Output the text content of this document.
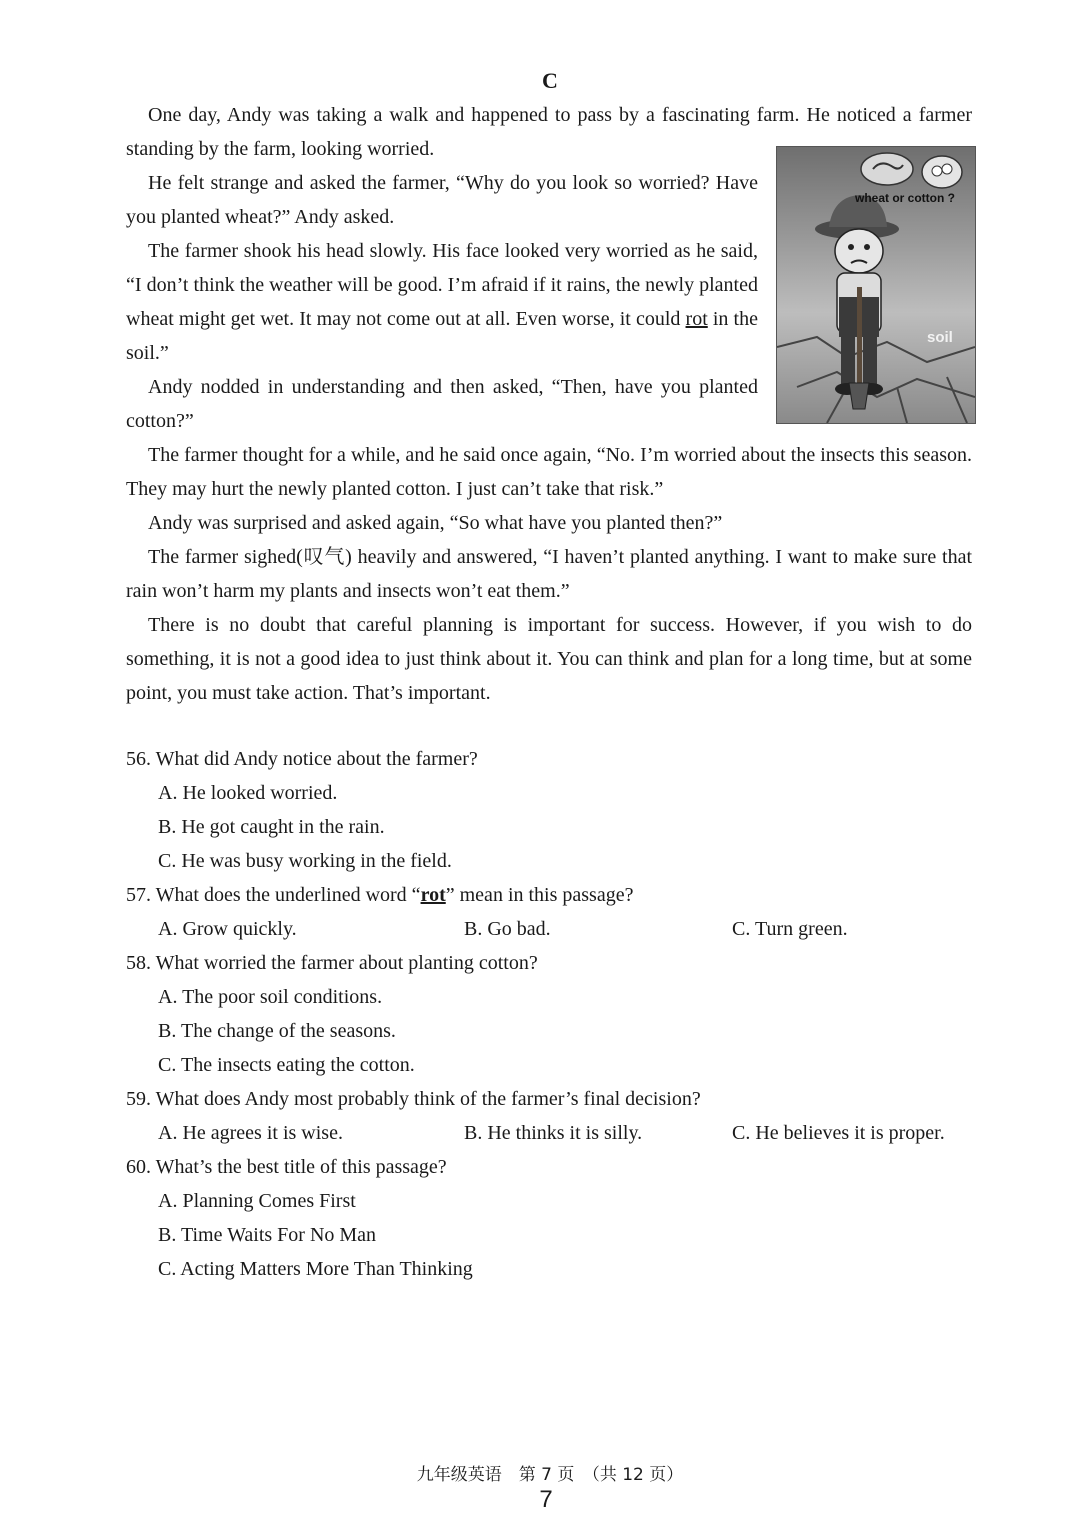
C

One day, Andy was taking a walk and happened to pass by a fascinating farm. He noticed a farmer standing by the farm, looking worried.

He felt strange and asked the farmer, “Why do you look so worried? Have you planted wheat?” Andy asked.

The farmer shook his head slowly. His face looked very worried as he said, “I don’t think the weather will be good. I’m afraid if it rains, the newly planted wheat might get wet. It may not come out at all. Even worse, it could rot in the soil.”

Andy nodded in understanding and then asked, “Then, have you planted cotton?”

The farmer thought for a while, and he said once again, “No. I’m worried about the insects this season. They may hurt the newly planted cotton. I just can’t take that risk.”

Andy was surprised and asked again, “So what have you planted then?”

The farmer sighed(叹气) heavily and answered, “I haven’t planted anything. I want to make sure that rain won’t harm my plants and insects won’t eat them.”

There is no doubt that careful planning is important for success. However, if you wish to do something, it is not a good idea to just think about it. You can think and plan for a long time, but at some point, you must take action. That’s important.

wheat or cotton ?
soil

56. What did Andy notice about the farmer?

A. He looked worried.

B. He got caught in the rain.

C. He was busy working in the field.

57. What does the underlined word “rot” mean in this passage?

A. Grow quickly.	B. Go bad.	C. Turn green.

58. What worried the farmer about planting cotton?

A. The poor soil conditions.

B. The change of the seasons.

C. The insects eating the cotton.

59. What does Andy most probably think of the farmer’s final decision?

A. He agrees it is wise.	B. He thinks it is silly.	C. He believes it is proper.

60. What’s the best title of this passage?

A. Planning Comes First

B. Time Waits For No Man

C. Acting Matters More Than Thinking

九年级英语　第 7 页　（共 12 页）
7
